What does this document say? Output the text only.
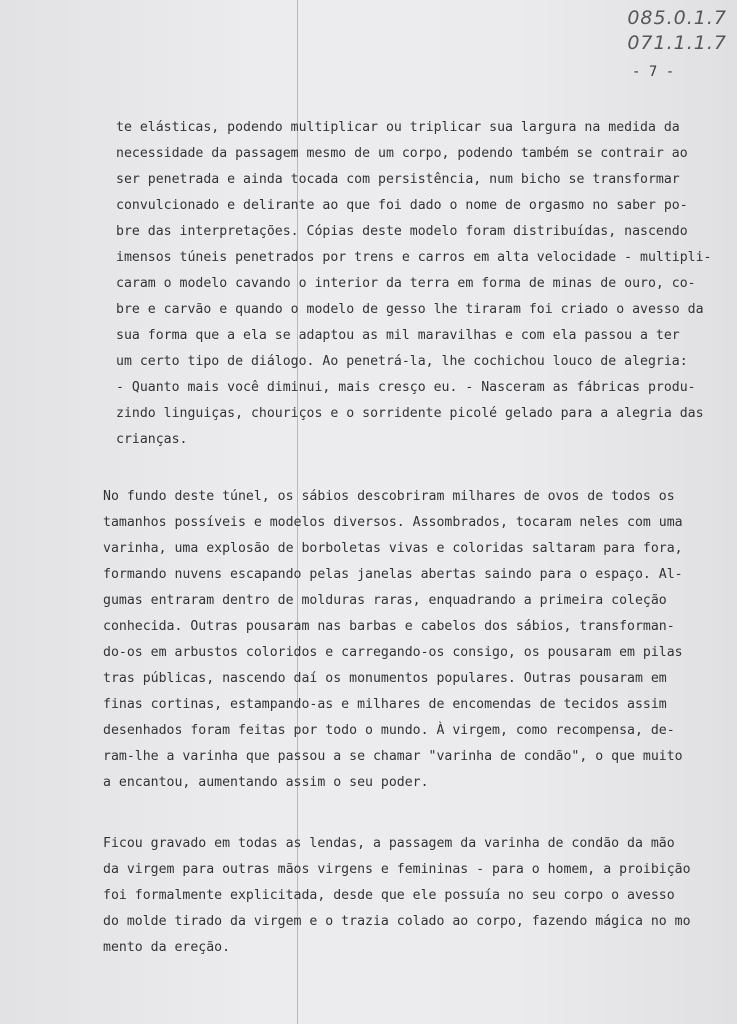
085.0.1.7
071.1.1.7
- 7 -
te elásticas, podendo multiplicar ou triplicar sua largura na medida da
necessidade da passagem mesmo de um corpo, podendo também se contrair ao
ser penetrada e ainda tocada com persistência, num bicho se transformar
convulcionado e delirante ao que foi dado o nome de orgasmo no saber po-
bre das interpretações. Cópias deste modelo foram distribuídas, nascendo
imensos túneis penetrados por trens e carros em alta velocidade - multipli-
caram o modelo cavando o interior da terra em forma de minas de ouro, co-
bre e carvão e quando o modelo de gesso lhe tiraram foi criado o avesso da
sua forma que a ela se adaptou as mil maravilhas e com ela passou a ter
um certo tipo de diálogo. Ao penetrá-la, lhe cochichou louco de alegria:
- Quanto mais você diminui, mais cresço eu. - Nasceram as fábricas produ-
zindo linguiças, chouriços e o sorridente picolé gelado para a alegria das
crianças.
No fundo deste túnel, os sábios descobriram milhares de ovos de todos os
tamanhos possíveis e modelos diversos. Assombrados, tocaram neles com uma
varinha, uma explosão de borboletas vivas e coloridas saltaram para fora,
formando nuvens escapando pelas janelas abertas saindo para o espaço. Al-
gumas entraram dentro de molduras raras, enquadrando a primeira coleção
conhecida. Outras pousaram nas barbas e cabelos dos sábios, transforman-
do-os em arbustos coloridos e carregando-os consigo, os pousaram em pilas
tras públicas, nascendo daí os monumentos populares. Outras pousaram em
finas cortinas, estampando-as e milhares de encomendas de tecidos assim
desenhados foram feitas por todo o mundo. À virgem, como recompensa, de-
ram-lhe a varinha que passou a se chamar "varinha de condão", o que muito
a encantou, aumentando assim o seu poder.
Ficou gravado em todas as lendas, a passagem da varinha de condão da mão
da virgem para outras mãos virgens e femininas - para o homem, a proibição
foi formalmente explicitada, desde que ele possuía no seu corpo o avesso
do molde tirado da virgem e o trazia colado ao corpo, fazendo mágica no mo
mento da ereção.
